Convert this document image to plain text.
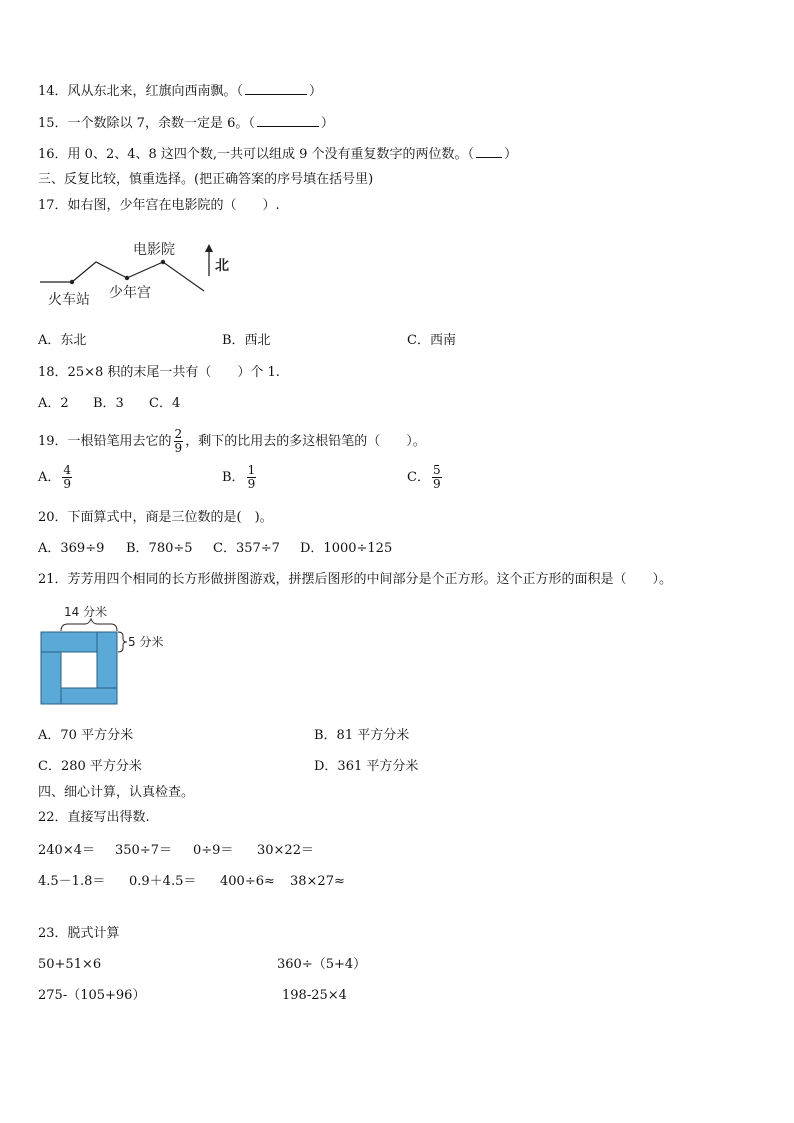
14．风从东北来，红旗向西南飘。（	）
15．一个数除以 7，余数一定是 6。（	）
16．用 0、2、4、8 这四个数,一共可以组成 9 个没有重复数字的两位数。（ ）
三、反复比较，慎重选择。(把正确答案的序号填在括号里)
17．如右图，少年宫在电影院的（　　）.
电影院
火车站 少年宫
北
A．东北	B．西北	C．西南
18．25×8 积的末尾一共有（　　）个 1.
A．2 B．3 C．4
19．一根铅笔用去它的 $\frac{2}{9}$ ，剩下的比用去的多这根铅笔的（　　）。
A． $\frac{4}{9}$	B． $\frac{1}{9}$	C． $\frac{5}{9}$
20．下面算式中，商是三位数的是(　)。
A．369÷9 B．780÷5 C．357÷7 D．1000÷125
21．芳芳用四个相同的长方形做拼图游戏，拼摆后图形的中间部分是个正方形。这个正方形的面积是（　　）。
14 分米
5 分米
A．70 平方分米	B．81 平方分米
C．280 平方分米	D．361 平方分米
四、细心计算，认真检查。
22．直接写出得数.
240×4＝ 350÷7＝ 0÷9＝ 30×22＝
4.5－1.8＝ 0.9＋4.5＝ 400÷6≈ 38×27≈
23．脱式计算
50+51×6	360÷（5+4）
275-（105+96）	198-25×4
